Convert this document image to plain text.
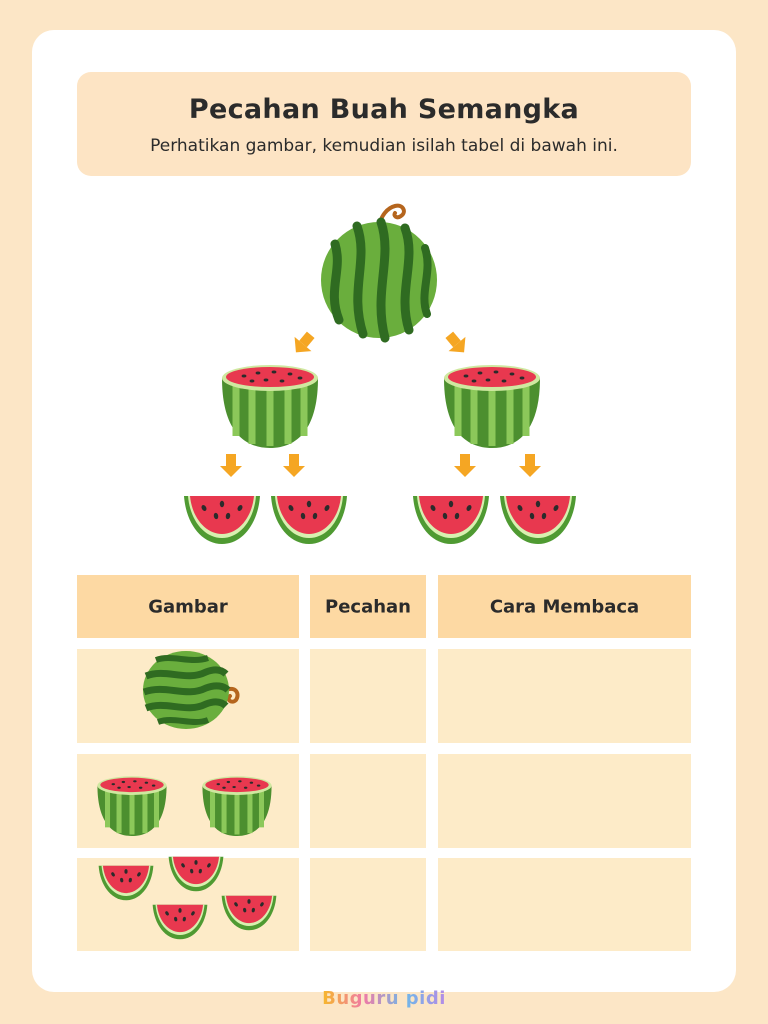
Pecahan Buah Semangka
Perhatikan gambar, kemudian isilah tabel di bawah ini.
Gambar	Pecahan	Cara Membaca
Buguru pidi
